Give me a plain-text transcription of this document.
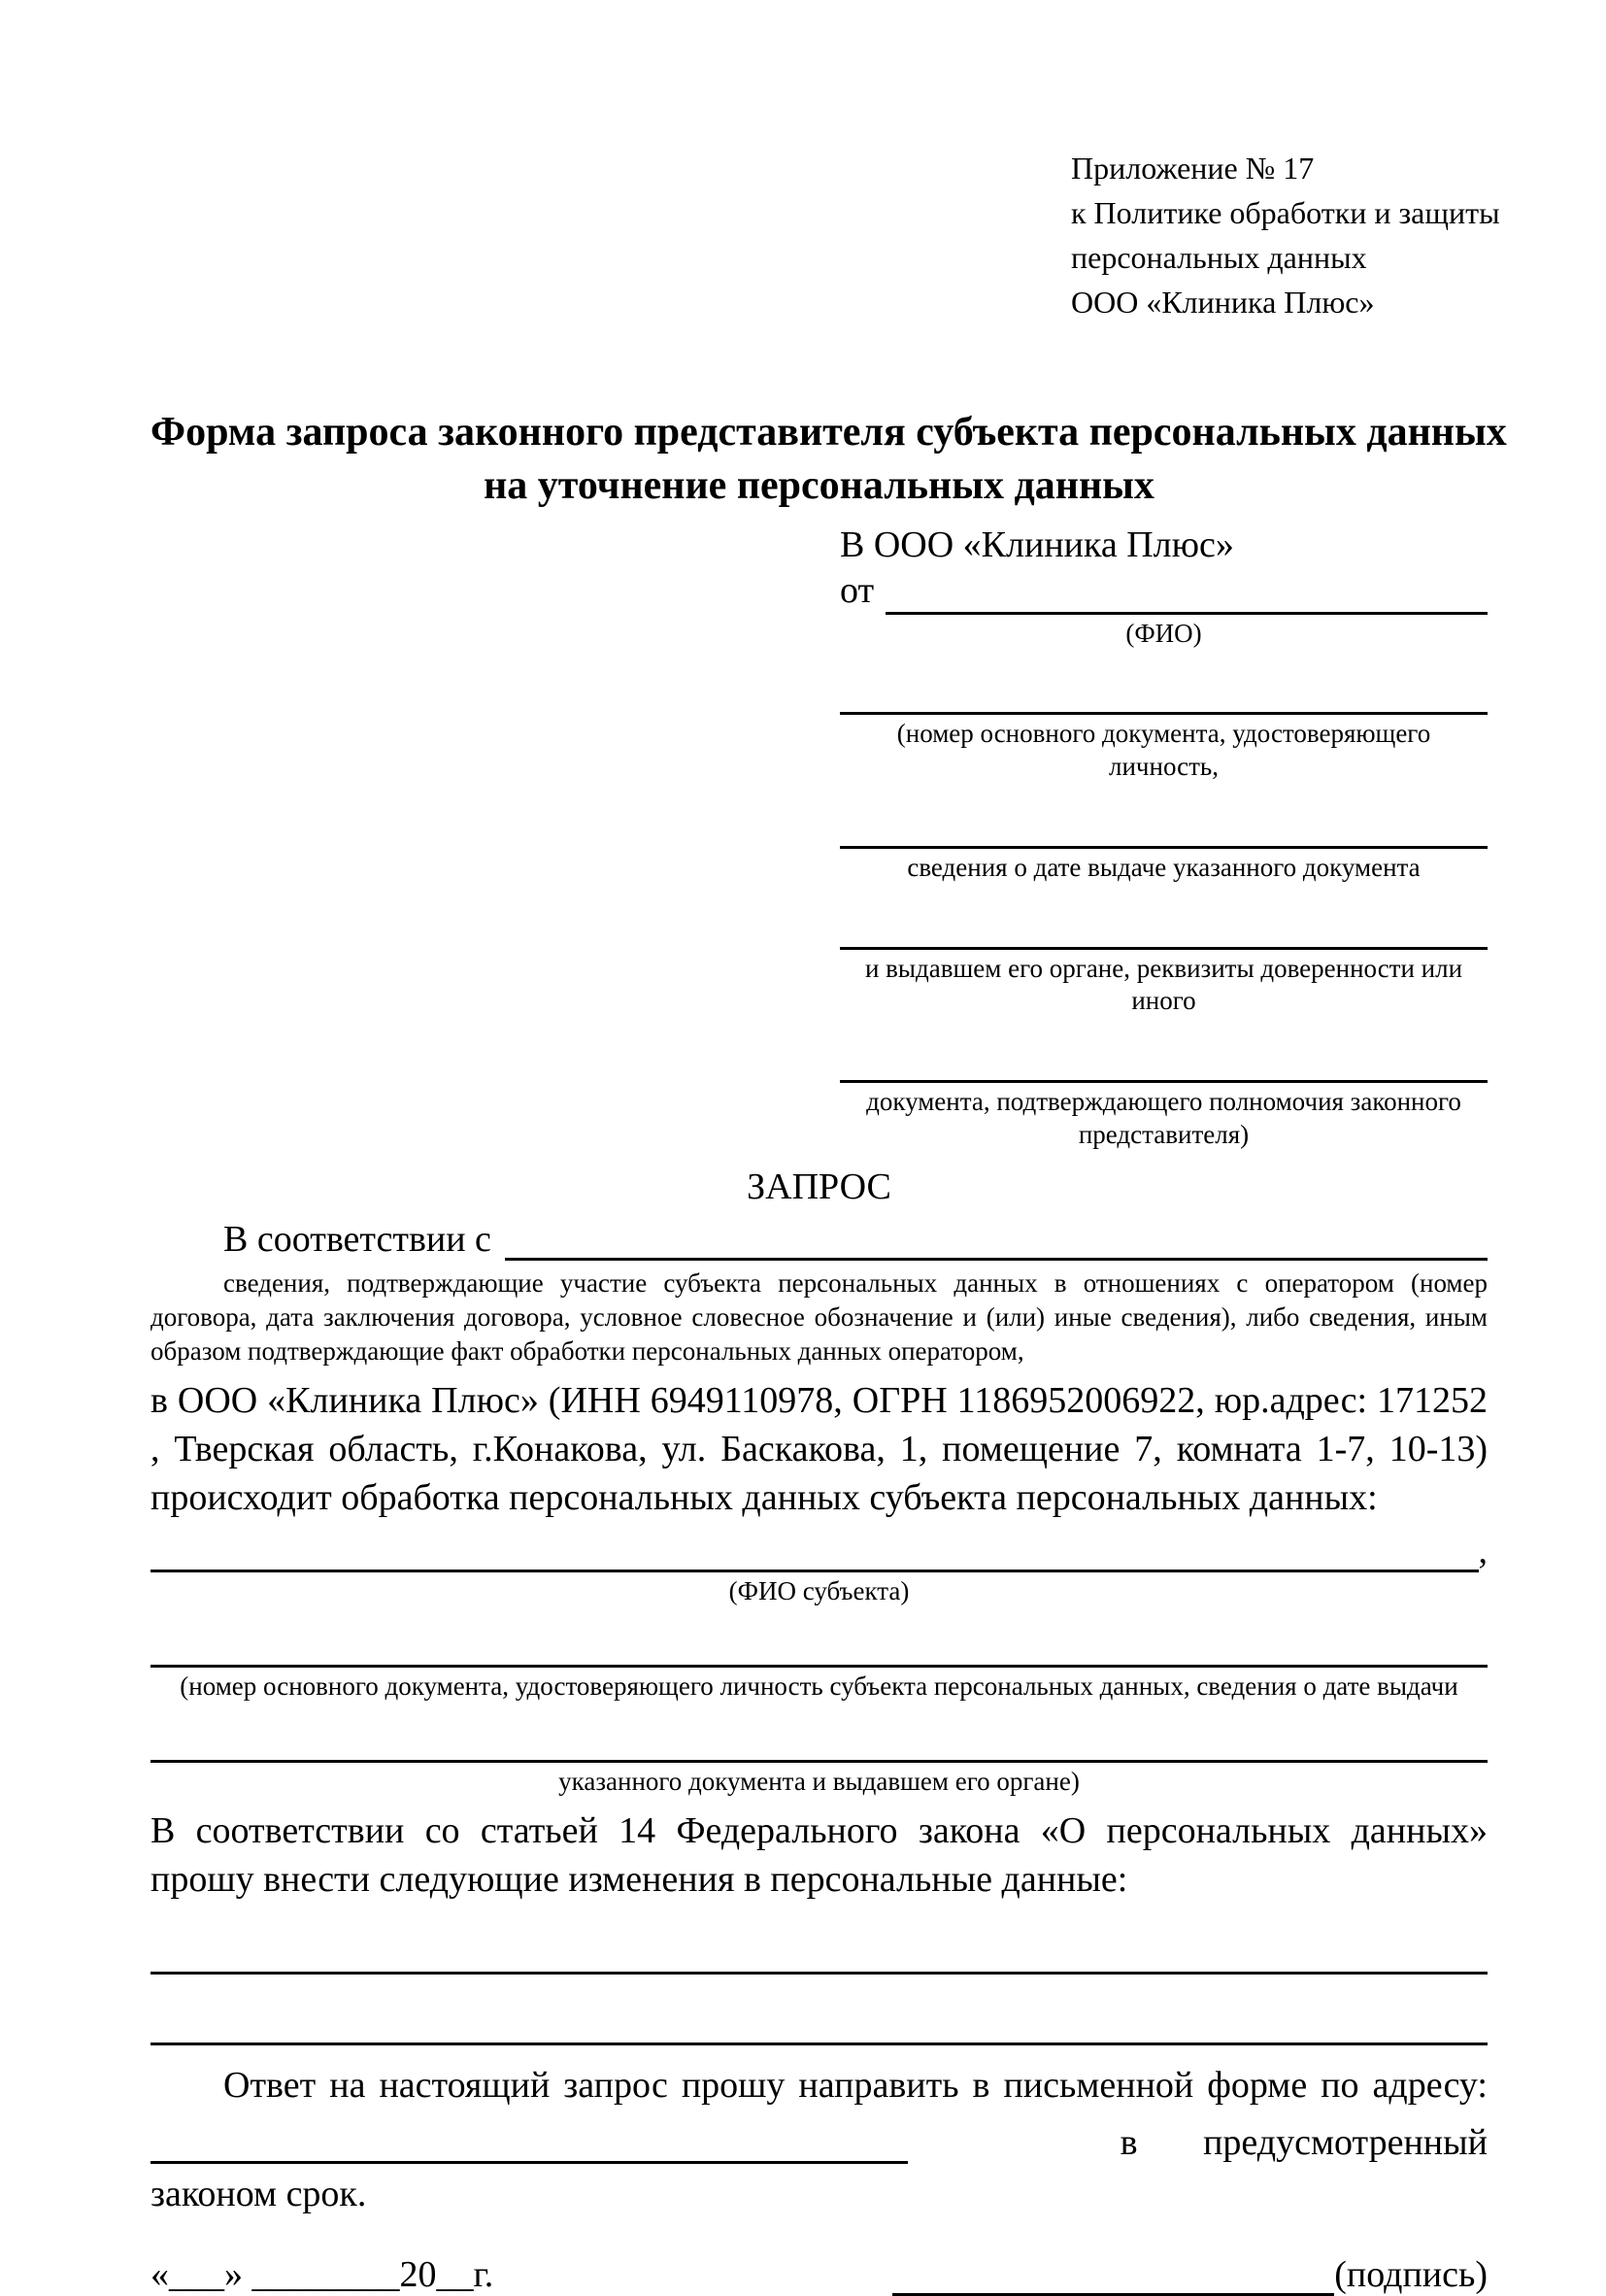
Приложение № 17
к Политике обработки и защиты
персональных данных
ООО «Клиника Плюс»
Форма запроса законного представителя субъекта персональных данных
на уточнение персональных данных
В ООО «Клиника Плюс»
от
(ФИО)
(номер основного документа, удостоверяющего личность,
сведения о дате выдаче указанного документа
и выдавшем его органе, реквизиты доверенности или иного
документа, подтверждающего полномочия законного представителя)
ЗАПРОС
В соответствии с
сведения, подтверждающие участие субъекта персональных данных в отношениях с оператором (номер договора, дата заключения договора, условное словесное обозначение и (или) иные сведения), либо сведения, иным образом подтверждающие факт обработки персональных данных оператором,
в ООО «Клиника Плюс» (ИНН 6949110978, ОГРН 1186952006922, юр.адрес: 171252 , Тверская область, г.Конакова, ул. Баскакова, 1, помещение 7, комната 1-7, 10-13) происходит обработка персональных данных субъекта персональных данных:
,
(ФИО субъекта)
(номер основного документа, удостоверяющего личность субъекта персональных данных, сведения о дате выдачи
указанного документа и выдавшем его органе)
В соответствии со статьей 14 Федерального закона «О персональных данных» прошу внести следующие изменения в персональные данные:
Ответ на настоящий запрос прошу направить в письменной форме по адресу:
в предусмотренный
законом срок.
«___» ________20__г.	(подпись)
